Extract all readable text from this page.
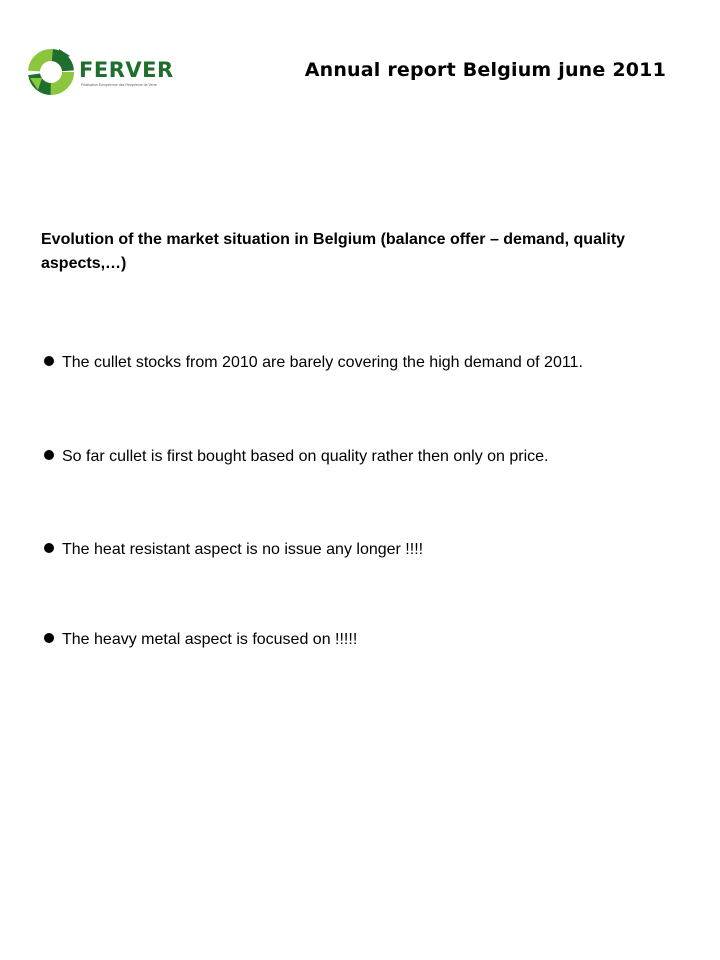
FERVER
Fédération Européenne des Recycleurs de Verre
Annual report Belgium june 2011
Evolution of the market situation in Belgium (balance offer – demand, quality aspects,…)
The cullet stocks from 2010 are barely covering the high demand of 2011.
So far cullet is first bought based on quality rather then only on price.
The heat resistant aspect is no issue any longer !!!!
The heavy metal aspect is focused on !!!!!
